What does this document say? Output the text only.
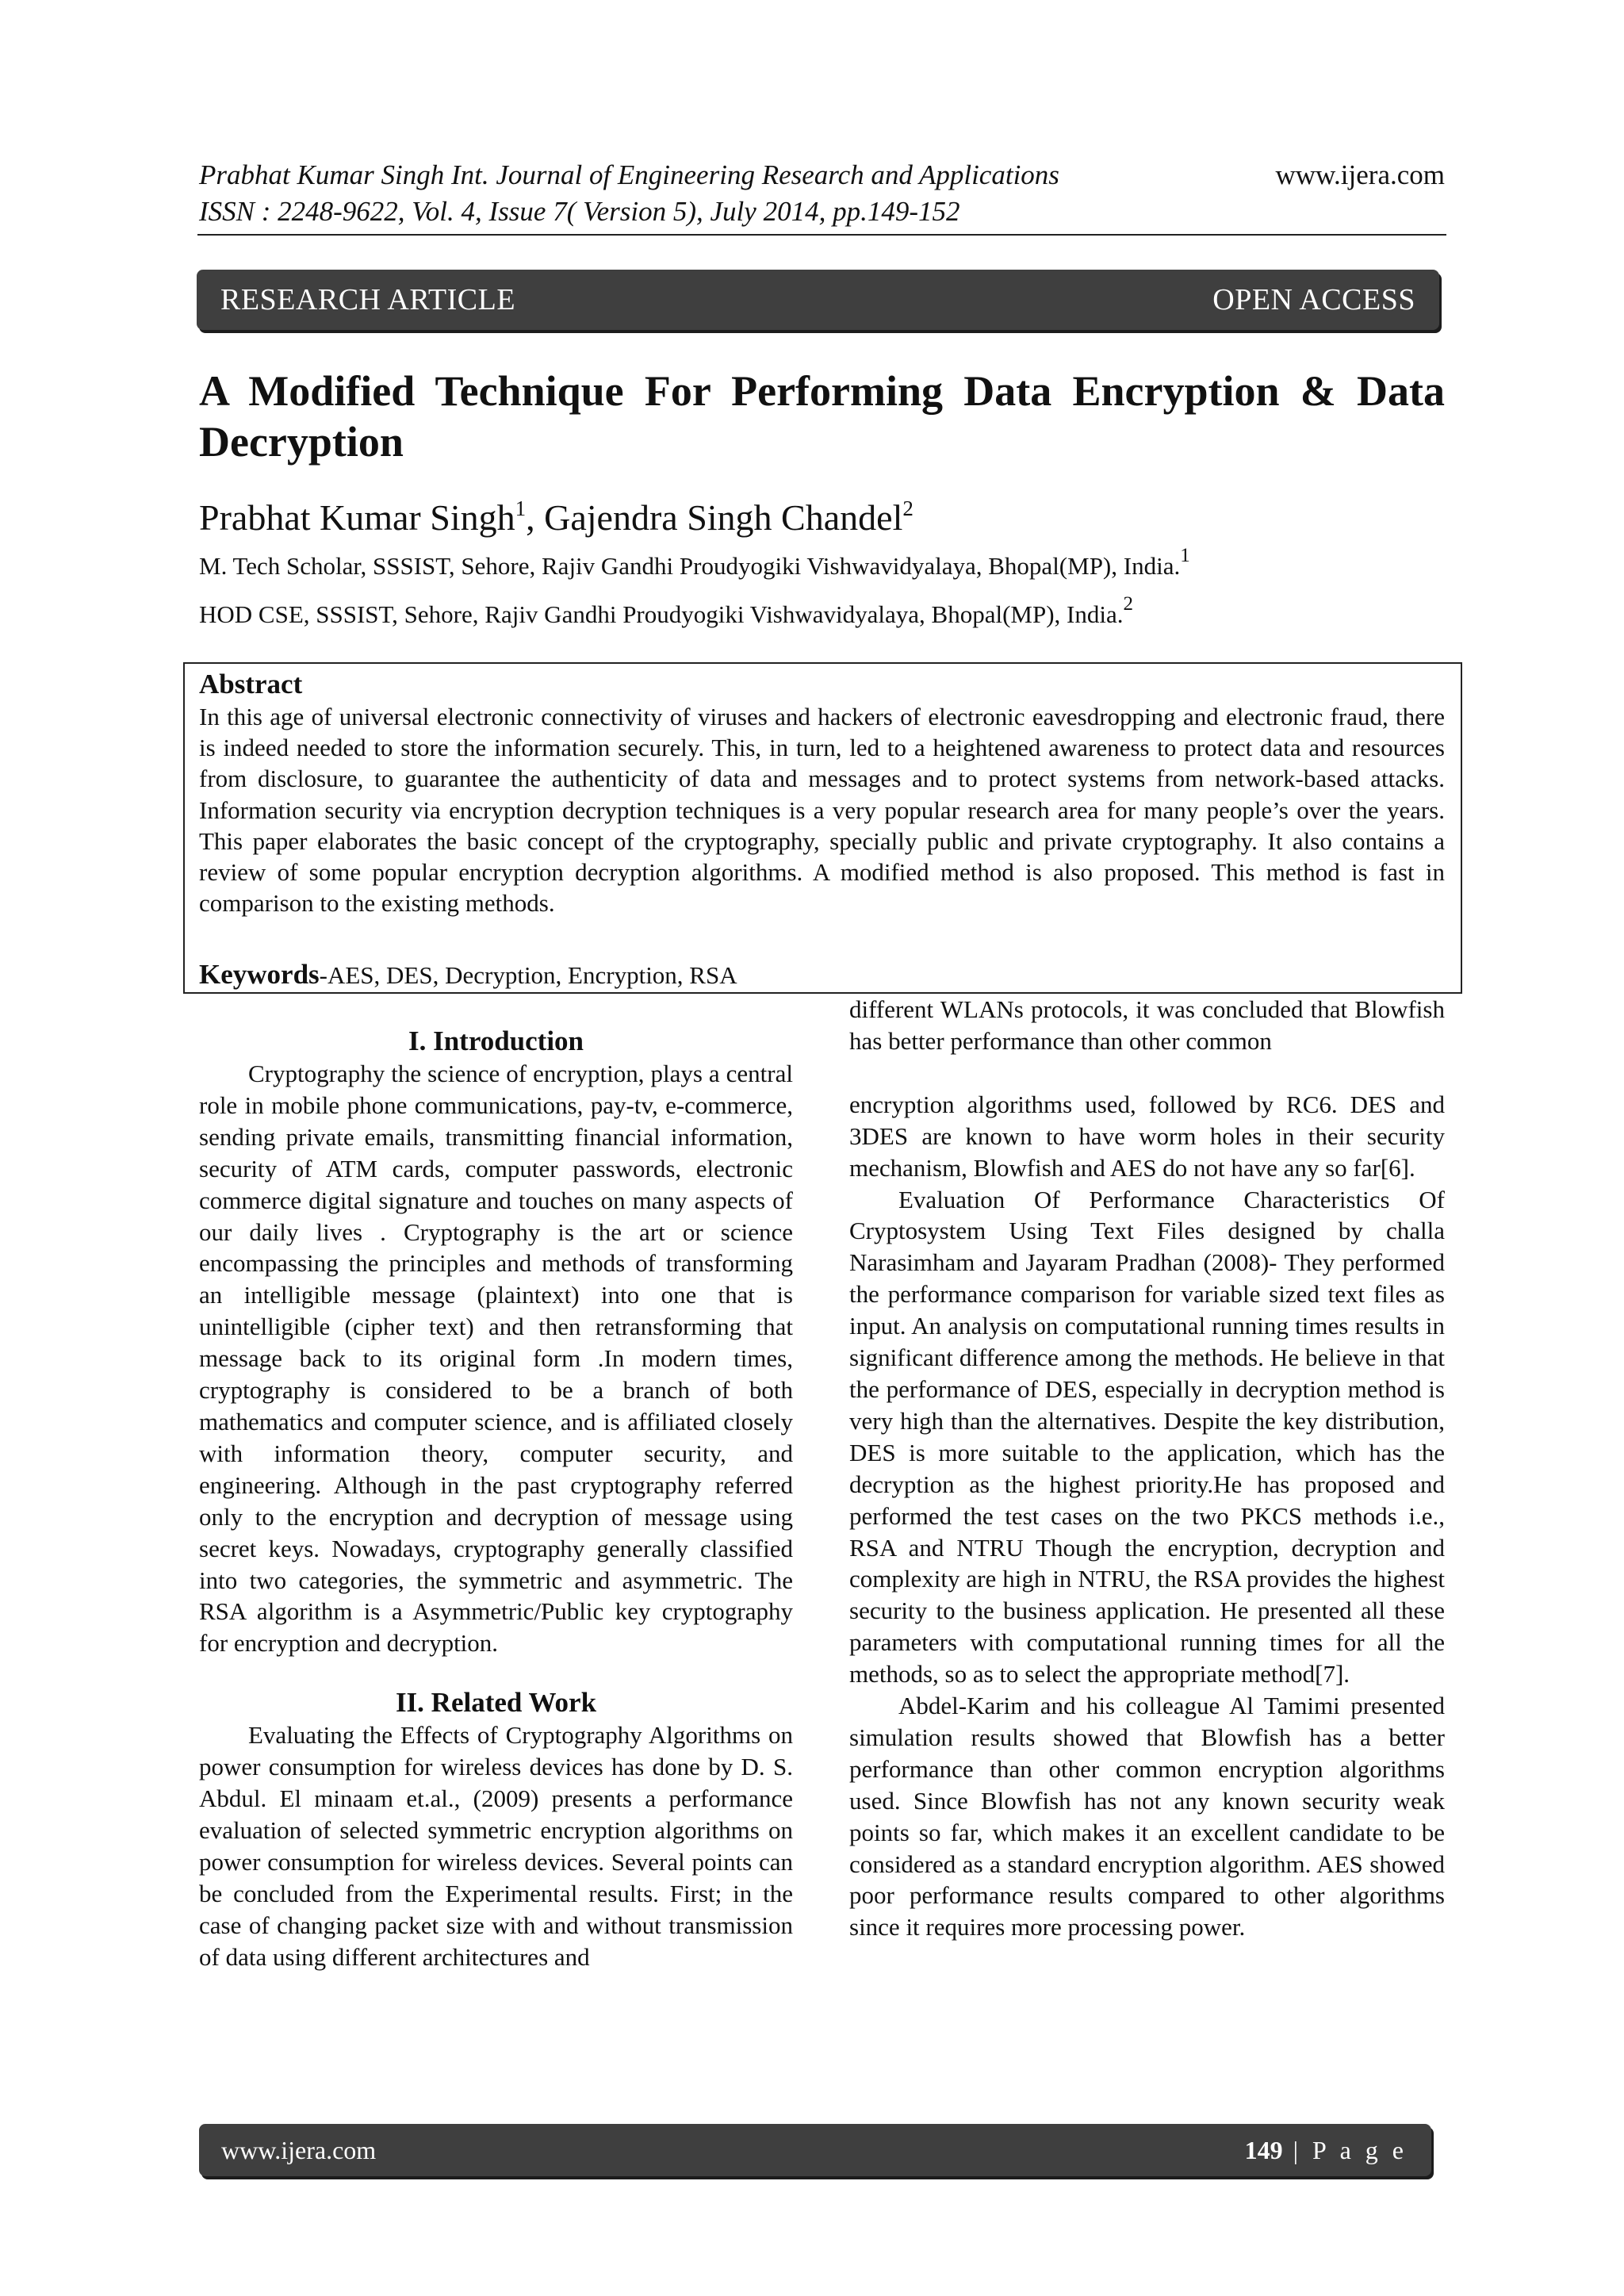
Prabhat Kumar Singh Int. Journal of Engineering Research and Applications
ISSN : 2248-9622, Vol. 4, Issue 7( Version 5), July 2014, pp.149-152
www.ijera.com
RESEARCH ARTICLE	OPEN ACCESS
A Modified Technique For Performing Data Encryption & Data Decryption
Prabhat Kumar Singh$^1$, Gajendra Singh Chandel$^2$
M. Tech Scholar, SSSIST, Sehore, Rajiv Gandhi Proudyogiki Vishwavidyalaya, Bhopal(MP), India.$^1$
HOD CSE, SSSIST, Sehore, Rajiv Gandhi Proudyogiki Vishwavidyalaya, Bhopal(MP), India.$^2$
Abstract
In this age of universal electronic connectivity of viruses and hackers of electronic eavesdropping and electronic fraud, there is indeed needed to store the information securely. This, in turn, led to a heightened awareness to protect data and resources from disclosure, to guarantee the authenticity of data and messages and to protect systems from network-based attacks. Information security via encryption decryption techniques is a very popular research area for many people’s over the years. This paper elaborates the basic concept of the cryptography, specially public and private cryptography. It also contains a review of some popular encryption decryption algorithms. A modified method is also proposed. This method is fast in comparison to the existing methods.
Keywords-AES, DES, Decryption, Encryption, RSA

I. Introduction

Cryptography the science of encryption, plays a central role in mobile phone communications, pay-tv, e-commerce, sending private emails, transmitting financial information, security of ATM cards, computer passwords, electronic commerce digital signature and touches on many aspects of our daily lives . Cryptography is the art or science encompassing the principles and methods of transforming an intelligible message (plaintext) into one that is unintelligible (cipher text) and then retransforming that message back to its original form .In modern times, cryptography is considered to be a branch of both mathematics and computer science, and is affiliated closely with information theory, computer security, and engineering. Although in the past cryptography referred only to the encryption and decryption of message using secret keys. Nowadays, cryptography generally classified into two categories, the symmetric and asymmetric. The RSA algorithm is a Asymmetric/Public key cryptography for encryption and decryption.

II. Related Work

Evaluating the Effects of Cryptography Algorithms on power consumption for wireless devices has done by D. S. Abdul. El minaam et.al., (2009) presents a performance evaluation of selected symmetric encryption algorithms on power consumption for wireless devices. Several points can be concluded from the Experimental results. First; in the case of changing packet size with and without transmission of data using different architectures and

different WLANs protocols, it was concluded that Blowfish has better performance than other common

encryption algorithms used, followed by RC6. DES and 3DES are known to have worm holes in their security mechanism, Blowfish and AES do not have any so far[6].

Evaluation Of Performance Characteristics Of Cryptosystem Using Text Files designed by challa Narasimham and Jayaram Pradhan (2008)- They performed the performance comparison for variable sized text files as input. An analysis on computational running times results in significant difference among the methods. He believe in that the performance of DES, especially in decryption method is very high than the alternatives. Despite the key distribution, DES is more suitable to the application, which has the decryption as the highest priority.He has proposed and performed the test cases on the two PKCS methods i.e., RSA and NTRU Though the encryption, decryption and complexity are high in NTRU, the RSA provides the highest security to the business application. He presented all these parameters with computational running times for all the methods, so as to select the appropriate method[7].

Abdel-Karim and his colleague Al Tamimi presented simulation results showed that Blowfish has a better performance than other common encryption algorithms used. Since Blowfish has not any known security weak points so far, which makes it an excellent candidate to be considered as a standard encryption algorithm. AES showed poor performance results compared to other algorithms since it requires more processing power.

www.ijera.com	149 | P a g e
